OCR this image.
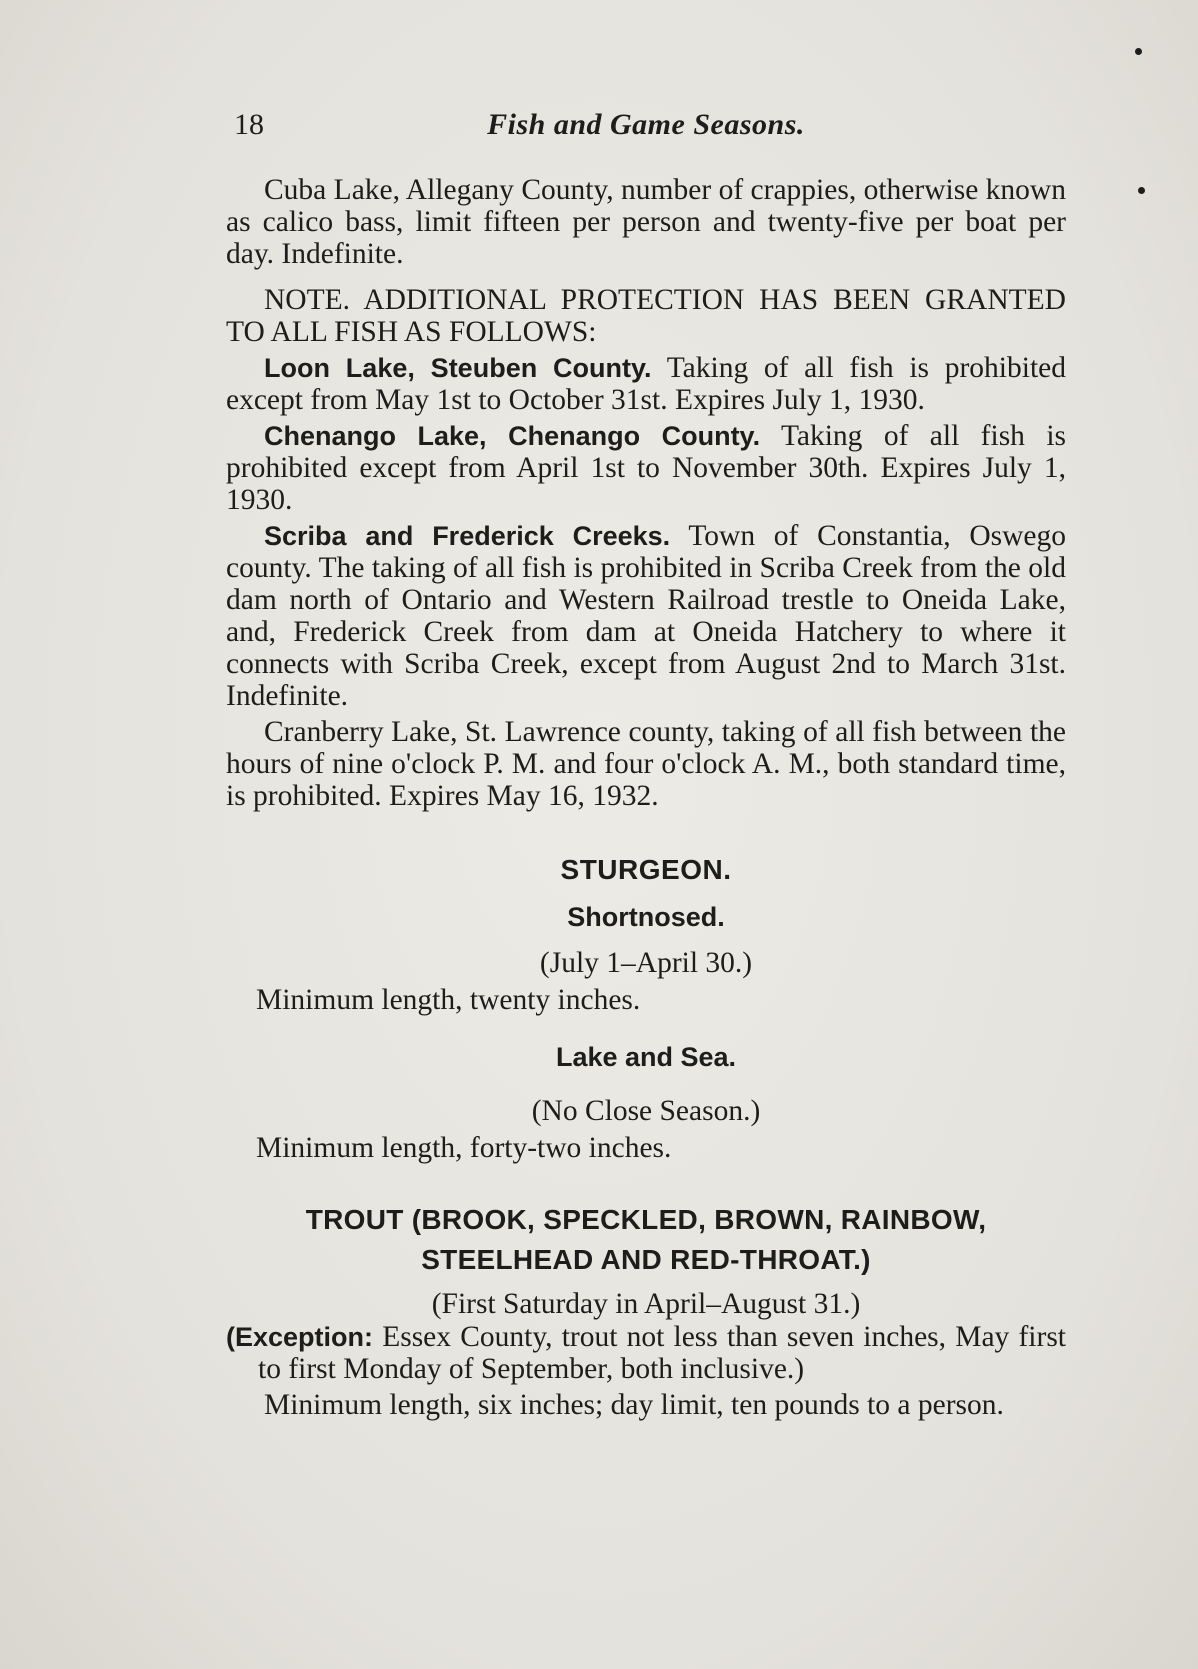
18	Fish and Game Seasons.

Cuba Lake, Allegany County, number of crappies, otherwise known as calico bass, limit fifteen per person and twenty-five per boat per day. Indefinite.

NOTE. ADDITIONAL PROTECTION HAS BEEN GRANTED TO ALL FISH AS FOLLOWS:

Loon Lake, Steuben County. Taking of all fish is prohibited except from May 1st to October 31st. Expires July 1, 1930.

Chenango Lake, Chenango County. Taking of all fish is prohibited except from April 1st to November 30th. Expires July 1, 1930.

Scriba and Frederick Creeks. Town of Constantia, Oswego county. The taking of all fish is prohibited in Scriba Creek from the old dam north of Ontario and Western Railroad trestle to Oneida Lake, and, Frederick Creek from dam at Oneida Hatchery to where it connects with Scriba Creek, except from August 2nd to March 31st. Indefinite.

Cranberry Lake, St. Lawrence county, taking of all fish between the hours of nine o'clock P. M. and four o'clock A. M., both standard time, is prohibited. Expires May 16, 1932.

STURGEON.
Shortnosed.
(July 1–April 30.)

Minimum length, twenty inches.

Lake and Sea.
(No Close Season.)

Minimum length, forty-two inches.

TROUT (BROOK, SPECKLED, BROWN, RAINBOW,
STEELHEAD AND RED-THROAT.)
(First Saturday in April–August 31.)

(Exception: Essex County, trout not less than seven inches, May first to first Monday of September, both inclusive.)

Minimum length, six inches; day limit, ten pounds to a person.
